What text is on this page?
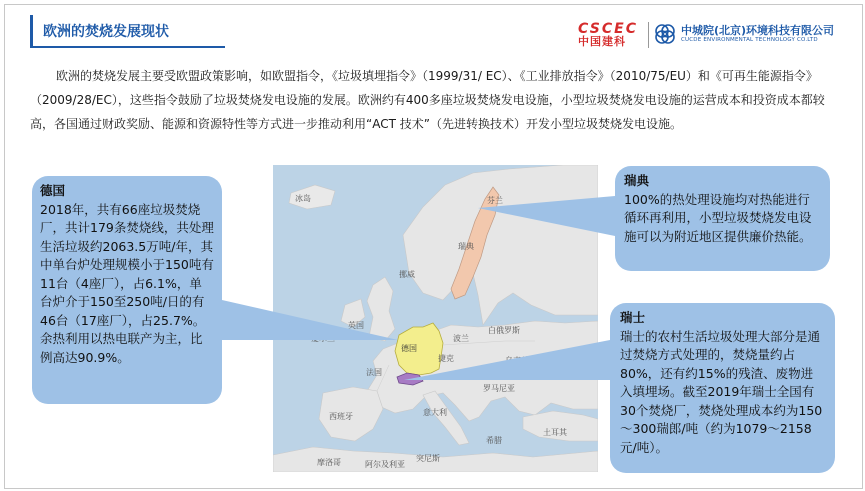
欧洲的焚烧发展现状	CSCEC
中国建科
中城院(北京)环境科技有限公司
CUCDE ENVIRONMENTAL TECHNOLOGY CO.LTD
欧洲的焚烧发展主要受欧盟政策影响，如欧盟指令，《垃圾填埋指令》（1999/31/ EC）、《工业排放指令》（2010/75/EU）和《可再生能源指令》（2009/28/EC），这些指令鼓励了垃圾焚烧发电设施的发展。欧洲约有400多座垃圾焚烧发电设施，小型垃圾焚烧发电设施的运营成本和投资成本都较高，各国通过财政奖励、能源和资源特性等方式进一步推动利用“ACT 技术”（先进转换技术）开发小型垃圾焚烧发电设施。
冰岛
挪威
瑞典
芬兰
英国
波兰
白俄罗斯
德国
捷克
法国
罗马尼亚
意大利
西班牙
希腊
摩洛哥	突尼斯
阿尔及利亚
土耳其
德国
2018年，共有66座垃圾焚烧厂，共计179条焚烧线，共处理生活垃圾约2063.5万吨/年，其中单台炉处理规模小于150吨有11台（4座厂），占6.1%，单台炉介于150至250吨/日的有46台（17座厂），占25.7%。余热利用以热电联产为主，比例高达90.9%。
瑞典
100%的热处理设施均对热能进行循环再利用，小型垃圾焚烧发电设施可以为附近地区提供廉价热能。
瑞士
瑞士的农村生活垃圾处理大部分是通过焚烧方式处理的，焚烧量约占80%，还有约15%的残渣、废物进入填埋场。截至2019年瑞士全国有30个焚烧厂，焚烧处理成本约为150～300瑞郎/吨（约为1079～2158元/吨）。
